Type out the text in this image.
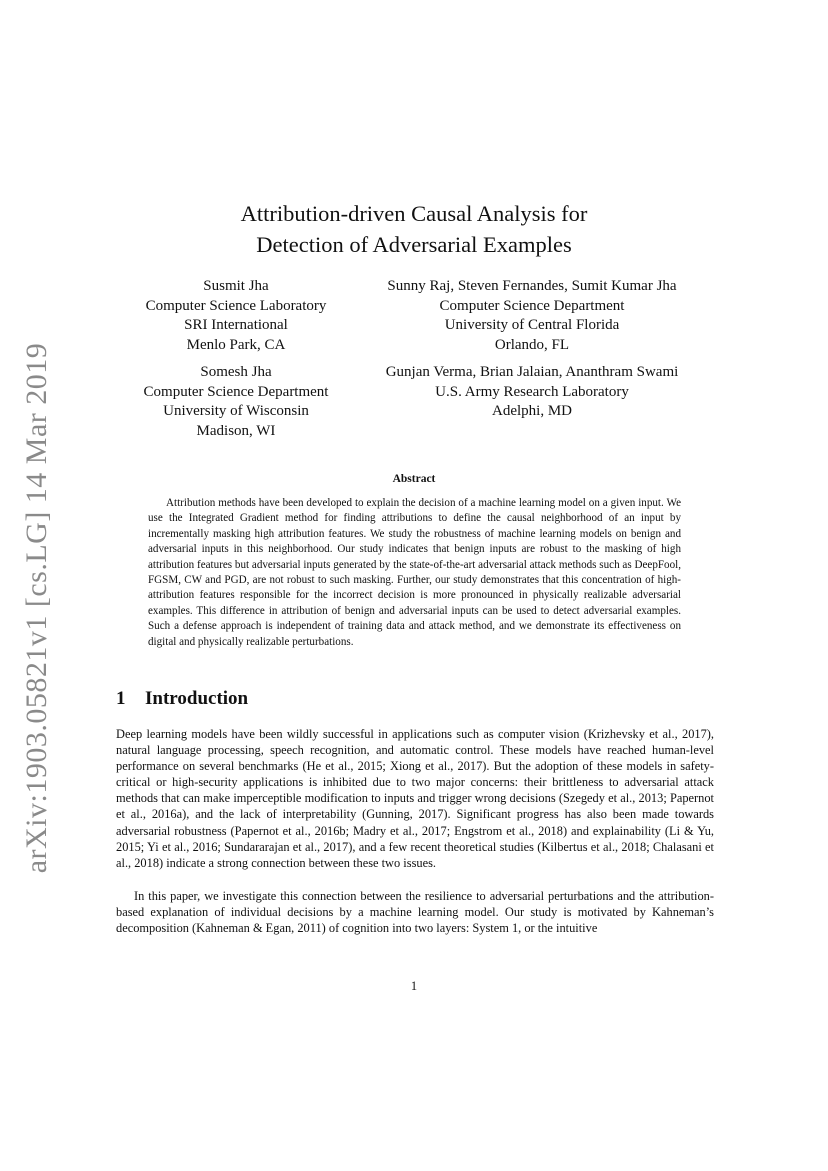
arXiv:1903.05821v1 [cs.LG] 14 Mar 2019
Attribution-driven Causal Analysis for
Detection of Adversarial Examples
Susmit Jha
Computer Science Laboratory
SRI International
Menlo Park, CA
Sunny Raj, Steven Fernandes, Sumit Kumar Jha
Computer Science Department
University of Central Florida
Orlando, FL
Somesh Jha
Computer Science Department
University of Wisconsin
Madison, WI
Gunjan Verma, Brian Jalaian, Ananthram Swami
U.S. Army Research Laboratory
Adelphi, MD
Abstract

Attribution methods have been developed to explain the decision of a machine learning model on a given input. We use the Integrated Gradient method for finding attributions to define the causal neighborhood of an input by incrementally masking high attribution features. We study the robustness of machine learning models on benign and adversarial inputs in this neighborhood. Our study indicates that benign inputs are robust to the masking of high attribution features but adversarial inputs generated by the state-of-the-art adversarial attack methods such as DeepFool, FGSM, CW and PGD, are not robust to such masking. Further, our study demonstrates that this concentration of high-attribution features responsible for the incorrect decision is more pronounced in physically realizable adversarial examples. This difference in attribution of benign and adversarial inputs can be used to detect adversarial examples. Such a defense approach is independent of training data and attack method, and we demonstrate its effectiveness on digital and physically realizable perturbations.

1 Introduction

Deep learning models have been wildly successful in applications such as computer vision (Krizhevsky et al., 2017), natural language processing, speech recognition, and automatic control. These models have reached human-level performance on several benchmarks (He et al., 2015; Xiong et al., 2017). But the adoption of these models in safety-critical or high-security applications is inhibited due to two major concerns: their brittleness to adversarial attack methods that can make imperceptible modification to inputs and trigger wrong decisions (Szegedy et al., 2013; Papernot et al., 2016a), and the lack of interpretability (Gunning, 2017). Significant progress has also been made towards adversarial robustness (Papernot et al., 2016b; Madry et al., 2017; Engstrom et al., 2018) and explainability (Li & Yu, 2015; Yi et al., 2016; Sundararajan et al., 2017), and a few recent theoretical studies (Kilbertus et al., 2018; Chalasani et al., 2018) indicate a strong connection between these two issues.

In this paper, we investigate this connection between the resilience to adversarial perturbations and the attribution-based explanation of individual decisions by a machine learning model. Our study is motivated by Kahneman’s decomposition (Kahneman & Egan, 2011) of cognition into two layers: System 1, or the intuitive

1
